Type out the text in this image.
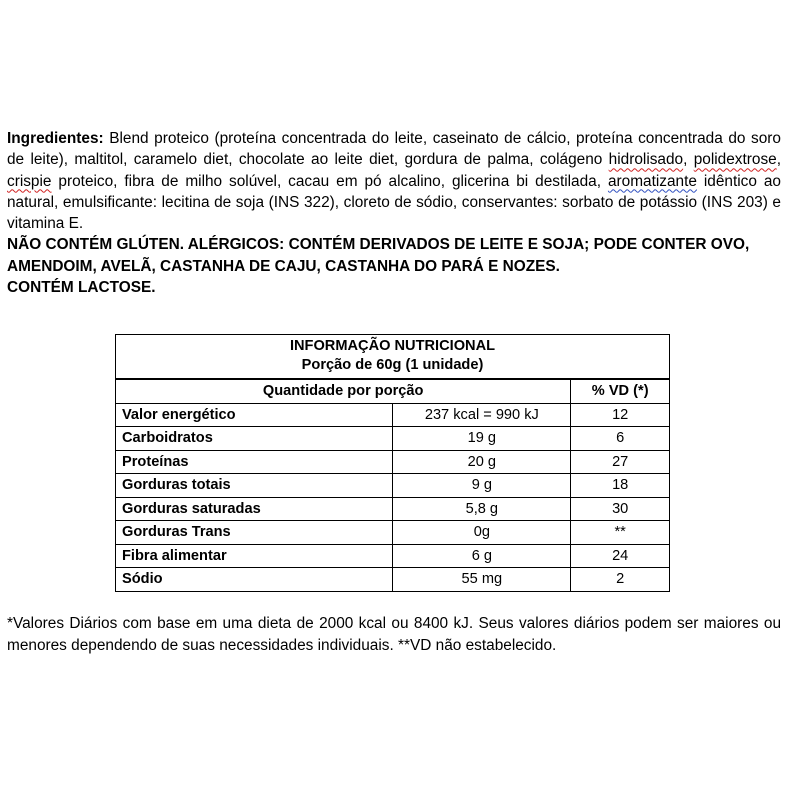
Ingredientes: Blend proteico (proteína concentrada do leite, caseinato de cálcio, proteína concentrada do soro de leite), maltitol, caramelo diet, chocolate ao leite diet, gordura de palma, colágeno hidrolisado, polidextrose, crispie proteico, fibra de milho solúvel, cacau em pó alcalino, glicerina bi destilada, aromatizante idêntico ao natural, emulsificante: lecitina de soja (INS 322), cloreto de sódio, conservantes: sorbato de potássio (INS 203) e vitamina E.
NÃO CONTÉM GLÚTEN. ALÉRGICOS: CONTÉM DERIVADOS DE LEITE E SOJA; PODE CONTER OVO, AMENDOIM, AVELÃ, CASTANHA DE CAJU, CASTANHA DO PARÁ E NOZES.
CONTÉM LACTOSE.
INFORMAÇÃO NUTRICIONAL
Porção de 60g (1 unidade)		

Quantidade por porção		% VD (*)
Valor energético	237 kcal = 990 kJ	12
Carboidratos	19 g	6
Proteínas	20 g	27
Gorduras totais	9 g	18
Gorduras saturadas	5,8 g	30
Gorduras Trans	0g	**
Fibra alimentar	6 g	24
Sódio	55 mg	2
*Valores Diários com base em uma dieta de 2000 kcal ou 8400 kJ. Seus valores diários podem ser maiores ou menores dependendo de suas necessidades individuais. **VD não estabelecido.
